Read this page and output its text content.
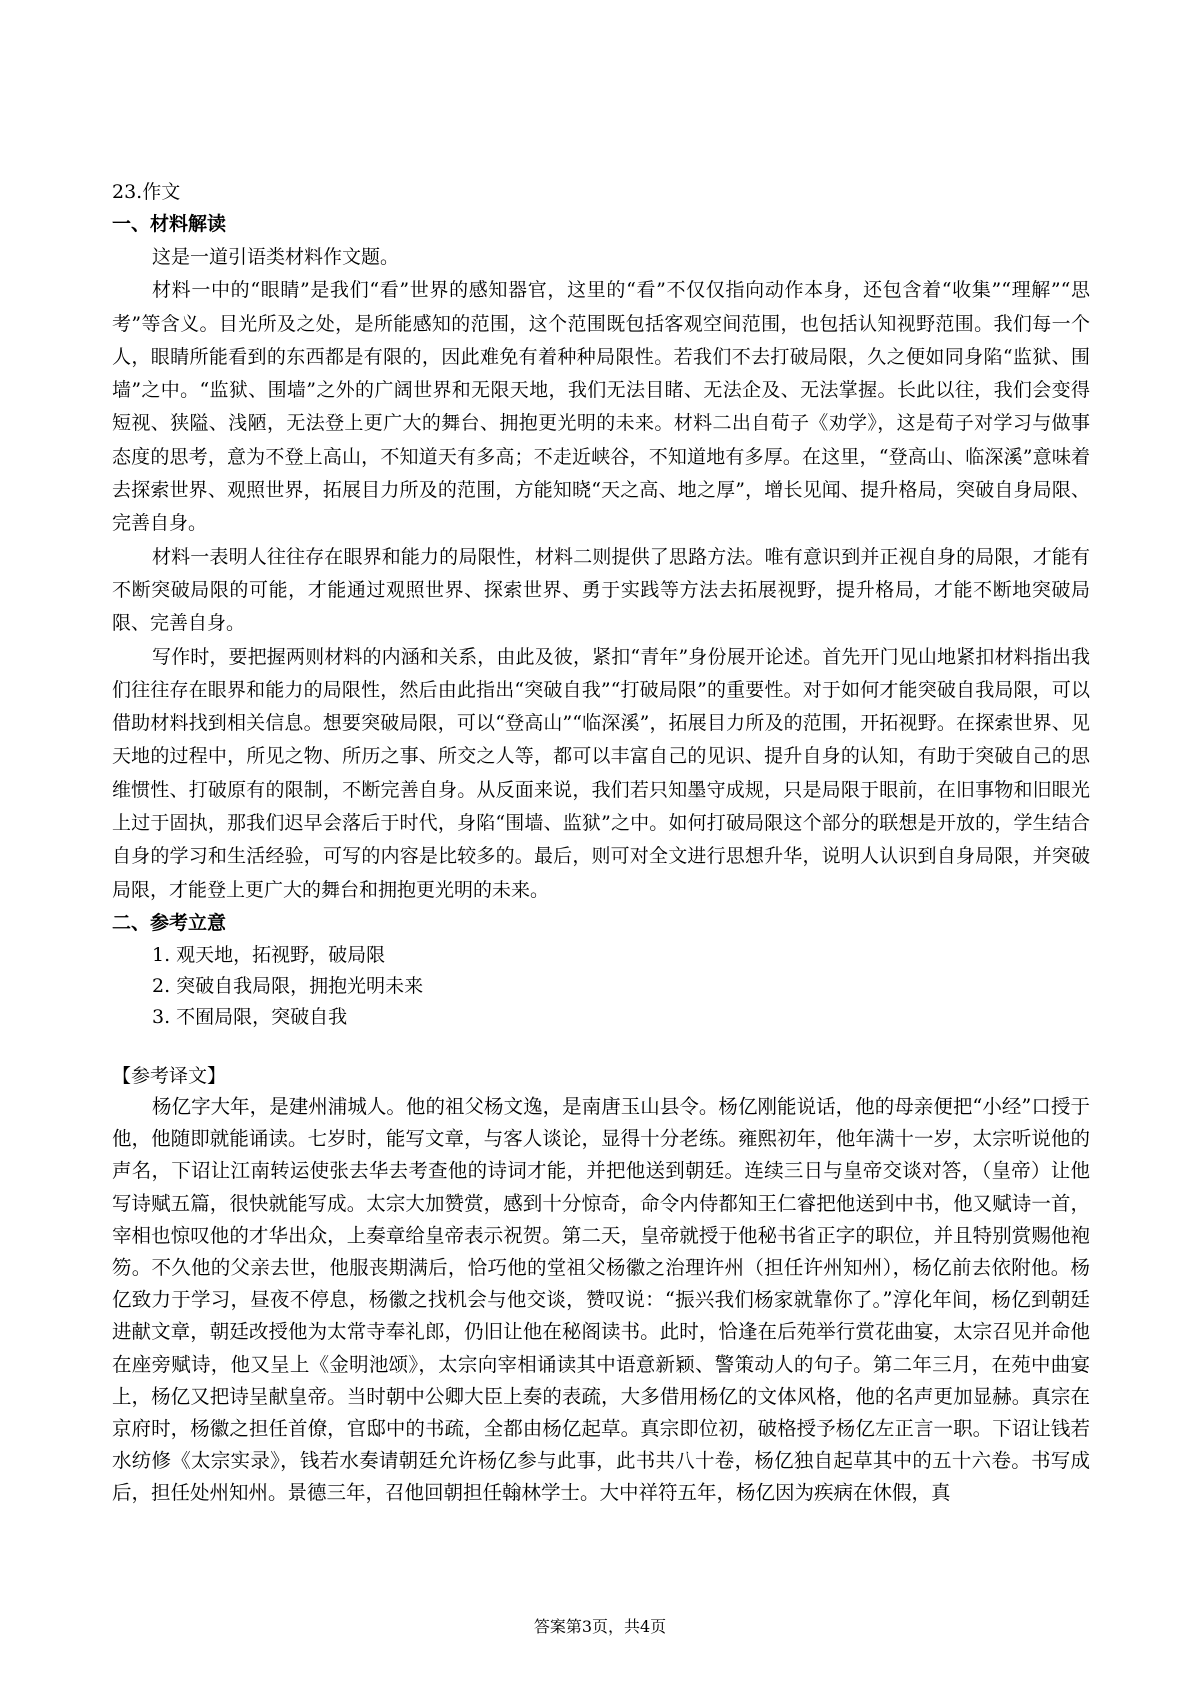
23.作文
一、材料解读

这是一道引语类材料作文题。

材料一中的“眼睛”是我们“看”世界的感知器官，这里的“看”不仅仅指向动作本身，还包含着“收集”“理解”“思考”等含义。目光所及之处，是所能感知的范围，这个范围既包括客观空间范围，也包括认知视野范围。我们每一个人，眼睛所能看到的东西都是有限的，因此难免有着种种局限性。若我们不去打破局限，久之便如同身陷“监狱、围墙”之中。“监狱、围墙”之外的广阔世界和无限天地，我们无法目睹、无法企及、无法掌握。长此以往，我们会变得短视、狭隘、浅陋，无法登上更广大的舞台、拥抱更光明的未来。材料二出自荀子《劝学》，这是荀子对学习与做事态度的思考，意为不登上高山，不知道天有多高；不走近峡谷，不知道地有多厚。在这里，“登高山、临深溪”意味着去探索世界、观照世界，拓展目力所及的范围，方能知晓“天之高、地之厚”，增长见闻、提升格局，突破自身局限、完善自身。

材料一表明人往往存在眼界和能力的局限性，材料二则提供了思路方法。唯有意识到并正视自身的局限，才能有不断突破局限的可能，才能通过观照世界、探索世界、勇于实践等方法去拓展视野，提升格局，才能不断地突破局限、完善自身。

写作时，要把握两则材料的内涵和关系，由此及彼，紧扣“青年”身份展开论述。首先开门见山地紧扣材料指出我们往往存在眼界和能力的局限性，然后由此指出“突破自我”“打破局限”的重要性。对于如何才能突破自我局限，可以借助材料找到相关信息。想要突破局限，可以“登高山”“临深溪”，拓展目力所及的范围，开拓视野。在探索世界、见天地的过程中，所见之物、所历之事、所交之人等，都可以丰富自己的见识、提升自身的认知，有助于突破自己的思维惯性、打破原有的限制，不断完善自身。从反面来说，我们若只知墨守成规，只是局限于眼前，在旧事物和旧眼光上过于固执，那我们迟早会落后于时代，身陷“围墙、监狱”之中。如何打破局限这个部分的联想是开放的，学生结合自身的学习和生活经验，可写的内容是比较多的。最后，则可对全文进行思想升华，说明人认识到自身局限，并突破局限，才能登上更广大的舞台和拥抱更光明的未来。

二、参考立意
1. 观天地，拓视野，破局限
2. 突破自我局限，拥抱光明未来
3. 不囿局限，突破自我
【参考译文】

杨亿字大年，是建州浦城人。他的祖父杨文逸，是南唐玉山县令。杨亿刚能说话，他的母亲便把“小经”口授于他，他随即就能诵读。七岁时，能写文章，与客人谈论，显得十分老练。雍熙初年，他年满十一岁，太宗听说他的声名，下诏让江南转运使张去华去考查他的诗词才能，并把他送到朝廷。连续三日与皇帝交谈对答，（皇帝）让他写诗赋五篇，很快就能写成。太宗大加赞赏，感到十分惊奇，命令内侍都知王仁睿把他送到中书，他又赋诗一首，宰相也惊叹他的才华出众，上奏章给皇帝表示祝贺。第二天，皇帝就授于他秘书省正字的职位，并且特别赏赐他袍笏。不久他的父亲去世，他服丧期满后，恰巧他的堂祖父杨徽之治理许州（担任许州知州），杨亿前去依附他。杨亿致力于学习，昼夜不停息，杨徽之找机会与他交谈，赞叹说：“振兴我们杨家就靠你了。”淳化年间，杨亿到朝廷进献文章，朝廷改授他为太常寺奉礼郎，仍旧让他在秘阁读书。此时，恰逢在后苑举行赏花曲宴，太宗召见并命他在座旁赋诗，他又呈上《金明池颂》，太宗向宰相诵读其中语意新颖、警策动人的句子。第二年三月，在苑中曲宴上，杨亿又把诗呈献皇帝。当时朝中公卿大臣上奏的表疏，大多借用杨亿的文体风格，他的名声更加显赫。真宗在京府时，杨徽之担任首僚，官邸中的书疏，全都由杨亿起草。真宗即位初，破格授予杨亿左正言一职。下诏让钱若水纺修《太宗实录》，钱若水奏请朝廷允许杨亿参与此事，此书共八十卷，杨亿独自起草其中的五十六卷。书写成后，担任处州知州。景德三年，召他回朝担任翰林学士。大中祥符五年，杨亿因为疾病在休假，真

答案第3页，共4页
